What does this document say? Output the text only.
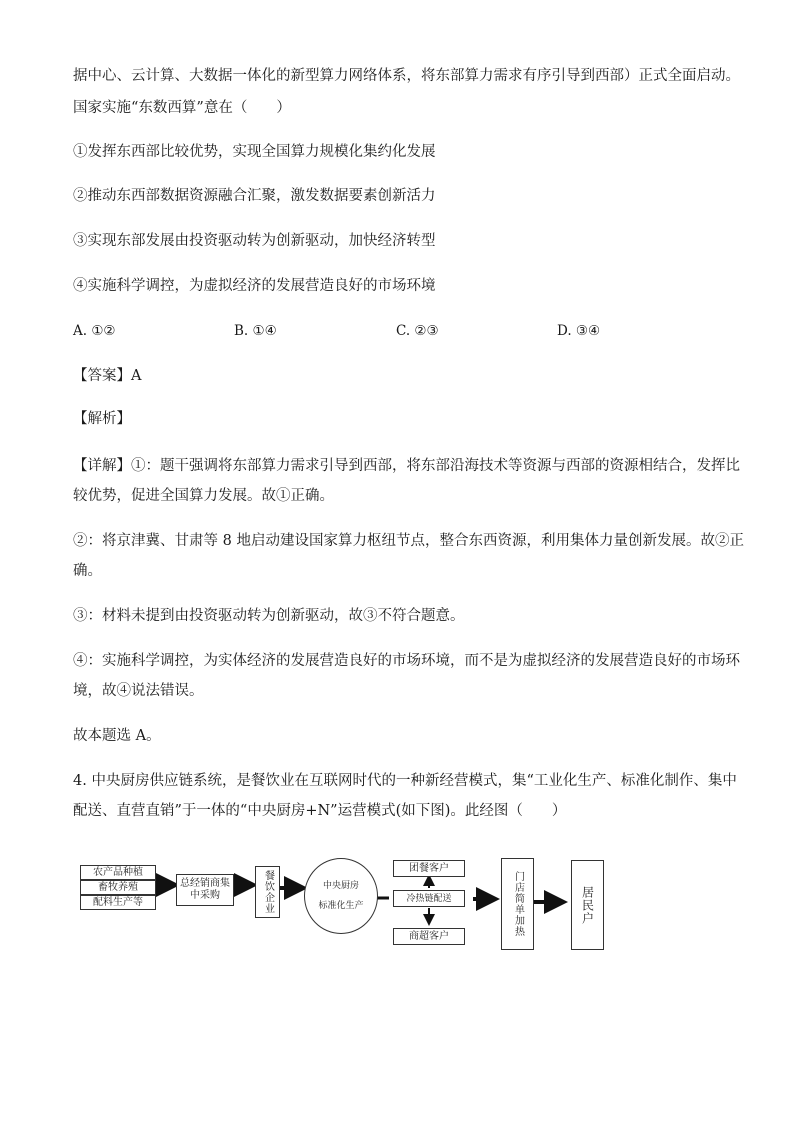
据中心、云计算、大数据一体化的新型算力网络体系，将东部算力需求有序引导到西部）正式全面启动。

国家实施“东数西算”意在（　　）

①发挥东西部比较优势，实现全国算力规模化集约化发展

②推动东西部数据资源融合汇聚，激发数据要素创新活力

③实现东部发展由投资驱动转为创新驱动，加快经济转型

④实施科学调控，为虚拟经济的发展营造良好的市场环境

A. ①②	B. ①④	C. ②③	D. ③④

【答案】A

【解析】

【详解】①：题干强调将东部算力需求引导到西部，将东部沿海技术等资源与西部的资源相结合，发挥比

较优势，促进全国算力发展。故①正确。

②：将京津冀、甘肃等 8 地启动建设国家算力枢纽节点，整合东西资源，利用集体力量创新发展。故②正

确。

③：材料未提到由投资驱动转为创新驱动，故③不符合题意。

④：实施科学调控，为实体经济的发展营造良好的市场环境，而不是为虚拟经济的发展营造良好的市场环

境，故④说法错误。

故本题选 A。

4. 中央厨房供应链系统，是餐饮业在互联网时代的一种新经营模式，集“工业化生产、标准化制作、集中

配送、直营直销”于一体的“中央厨房+N”运营模式(如下图)。此经图（　　）

农产品种植
畜牧养殖
配料生产等
总经销商集中采购	餐饮企业	中央厨房
标准化生产
团餐客户
冷热链配送
商超客户	门店简单加热	居民户
